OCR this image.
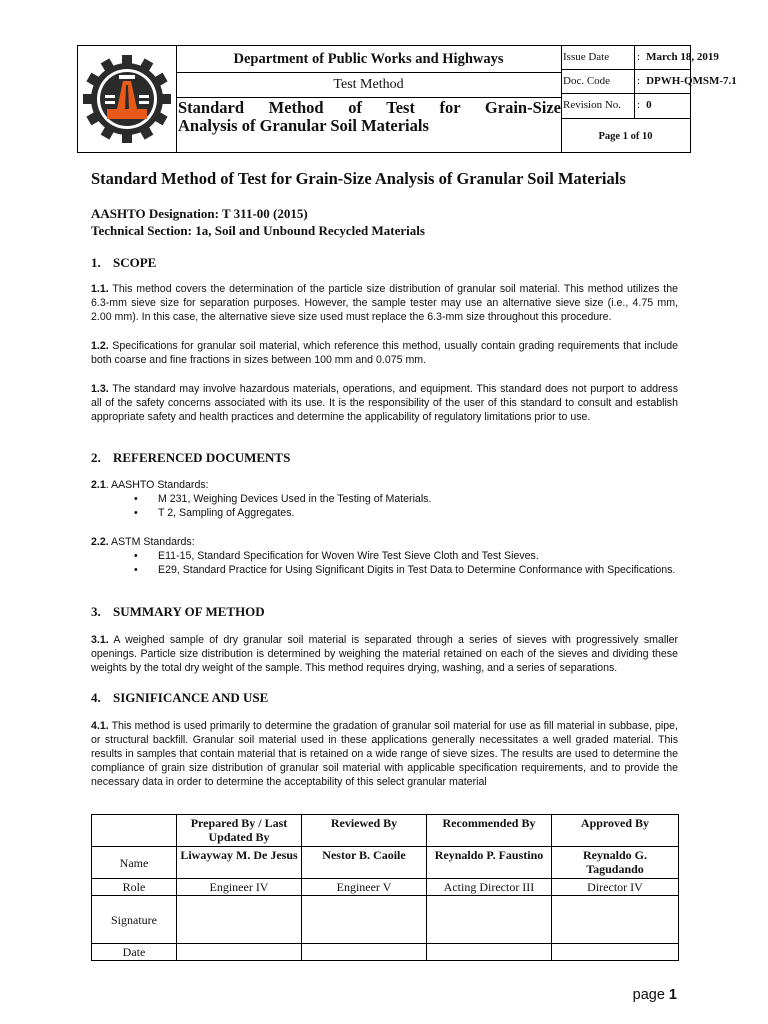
Department of Public Works and Highways
Test Method
Standard Method of Test for Grain-Size
Analysis of Granular Soil Materials
Issue Date	: March 18, 2019
Doc. Code	: DPWH-QMSM-7.1
Revision No.	: 0
Page 1 of 10
Standard Method of Test for Grain-Size Analysis of Granular Soil Materials
AASHTO Designation: T 311-00 (2015)
Technical Section: 1a, Soil and Unbound Recycled Materials
1. SCOPE
1.1. This method covers the determination of the particle size distribution of granular soil material. This method utilizes the 6.3-mm sieve size for separation purposes. However, the sample tester may use an alternative sieve size (i.e., 4.75 mm, 2.00 mm). In this case, the alternative sieve size used must replace the 6.3-mm size throughout this procedure.
1.2. Specifications for granular soil material, which reference this method, usually contain grading requirements that include both coarse and fine fractions in sizes between 100 mm and 0.075 mm.
1.3. The standard may involve hazardous materials, operations, and equipment. This standard does not purport to address all of the safety concerns associated with its use. It is the responsibility of the user of this standard to consult and establish appropriate safety and health practices and determine the applicability of regulatory limitations prior to use.
2. REFERENCED DOCUMENTS
2.1. AASHTO Standards:
• M 231, Weighing Devices Used in the Testing of Materials.
• T 2, Sampling of Aggregates.
2.2. ASTM Standards:
• E11-15, Standard Specification for Woven Wire Test Sieve Cloth and Test Sieves.
• E29, Standard Practice for Using Significant Digits in Test Data to Determine Conformance with Specifications.
3. SUMMARY OF METHOD
3.1. A weighed sample of dry granular soil material is separated through a series of sieves with progressively smaller openings. Particle size distribution is determined by weighing the material retained on each of the sieves and dividing these weights by the total dry weight of the sample. This method requires drying, washing, and a series of separations.
4. SIGNIFICANCE AND USE
4.1. This method is used primarily to determine the gradation of granular soil material for use as fill material in subbase, pipe, or structural backfill. Granular soil material used in these applications generally necessitates a well graded material. This results in samples that contain material that is retained on a wide range of sieve sizes. The results are used to determine the compliance of grain size distribution of granular soil material with applicable specification requirements, and to provide the necessary data in order to determine the acceptability of this select granular material
	Prepared By / Last Updated By	Reviewed By	Recommended By	Approved By
Name	Liwayway M. De Jesus	Nestor B. Caoile	Reynaldo P. Faustino	Reynaldo G. Tagudando
Role	Engineer IV	Engineer V	Acting Director III	Director IV
Signature				
Date				
page 1
